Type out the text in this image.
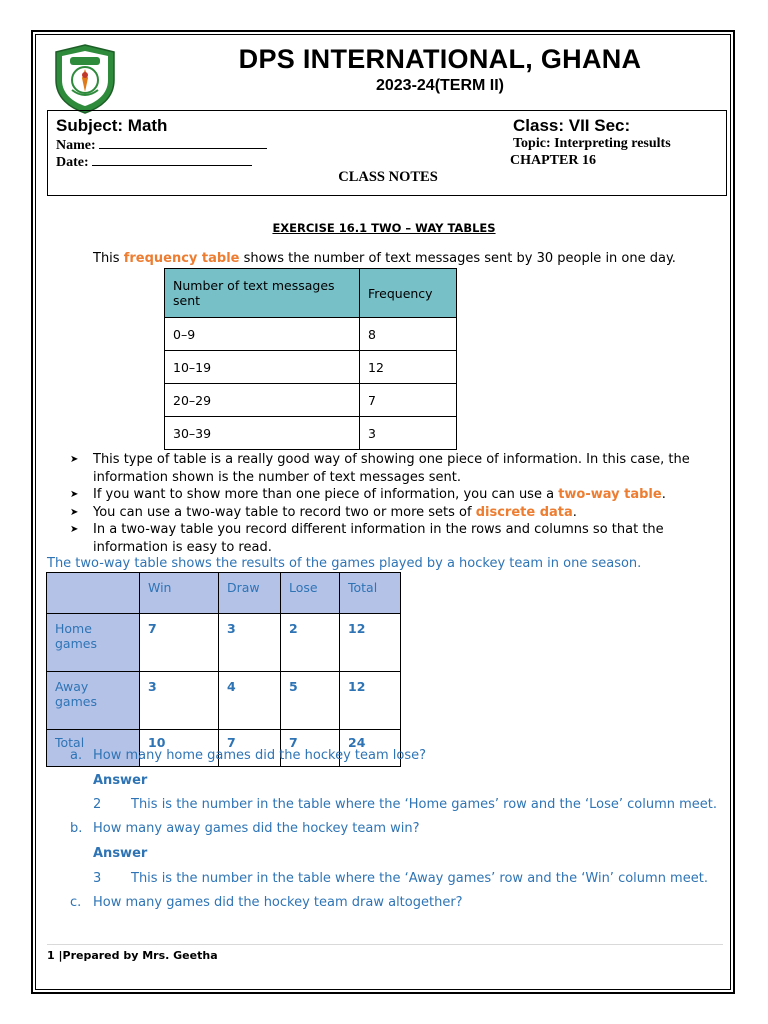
DPS INTERNATIONAL, GHANA
2023-24(TERM II)
Subject: Math	Class: VII Sec:
Name:	Topic: Interpreting results
Date:	CHAPTER 16
CLASS NOTES
EXERCISE 16.1 TWO – WAY TABLES
This frequency table shows the number of text messages sent by 30 people in one day.
Number of text messages sent	Frequency
0–9	8
10–19	12
20–29	7
30–39	3
➤ This type of table is a really good way of showing one piece of information. In this case, the information shown is the number of text messages sent.
➤ If you want to show more than one piece of information, you can use a two-way table.
➤ You can use a two-way table to record two or more sets of discrete data.
➤ In a two-way table you record different information in the rows and columns so that the information is easy to read.
The two-way table shows the results of the games played by a hockey team in one season.
	Win	Draw	Lose	Total
Home games	7	3	2	12
Away games	3	4	5	12
Total	10	7	7	24
a. How many home games did the hockey team lose?
Answer
2 This is the number in the table where the ‘Home games’ row and the ‘Lose’ column meet.
b. How many away games did the hockey team win?
Answer
3 This is the number in the table where the ‘Away games’ row and the ‘Win’ column meet.
c. How many games did the hockey team draw altogether?
1 |Prepared by Mrs. Geetha
